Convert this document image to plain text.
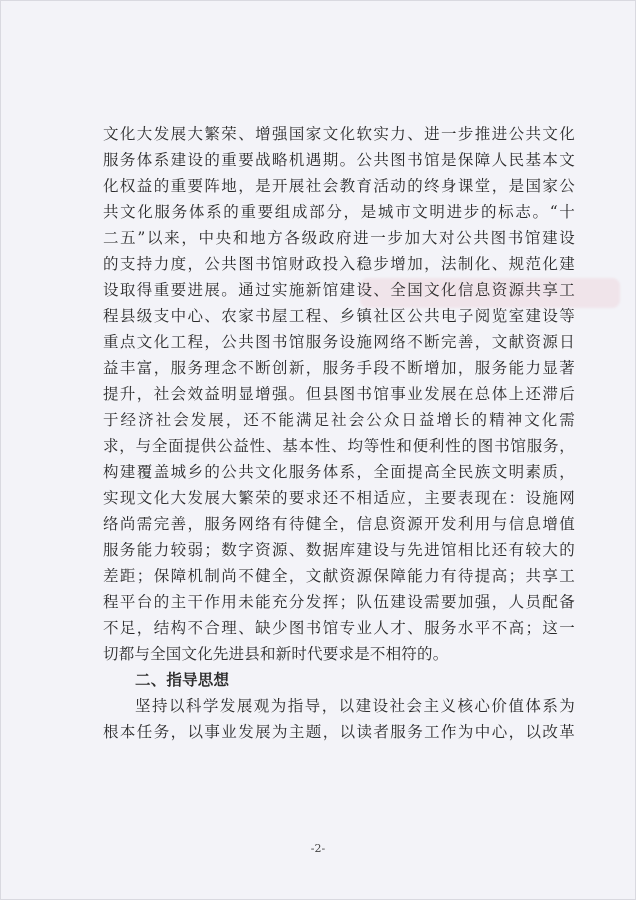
文化大发展大繁荣、增强国家文化软实力、进一步推进公共文化
服务体系建设的重要战略机遇期。公共图书馆是保障人民基本文
化权益的重要阵地，是开展社会教育活动的终身课堂，是国家公
共文化服务体系的重要组成部分，是城市文明进步的标志。“十
二五”以来，中央和地方各级政府进一步加大对公共图书馆建设
的支持力度，公共图书馆财政投入稳步增加，法制化、规范化建
设取得重要进展。通过实施新馆建设、全国文化信息资源共享工
程县级支中心、农家书屋工程、乡镇社区公共电子阅览室建设等
重点文化工程，公共图书馆服务设施网络不断完善，文献资源日
益丰富，服务理念不断创新，服务手段不断增加，服务能力显著
提升，社会效益明显增强。但县图书馆事业发展在总体上还滞后
于经济社会发展，还不能满足社会公众日益增长的精神文化需
求，与全面提供公益性、基本性、均等性和便利性的图书馆服务，
构建覆盖城乡的公共文化服务体系，全面提高全民族文明素质，
实现文化大发展大繁荣的要求还不相适应，主要表现在：设施网
络尚需完善，服务网络有待健全，信息资源开发利用与信息增值
服务能力较弱；数字资源、数据库建设与先进馆相比还有较大的
差距；保障机制尚不健全，文献资源保障能力有待提高；共享工
程平台的主干作用未能充分发挥；队伍建设需要加强，人员配备
不足，结构不合理、缺少图书馆专业人才、服务水平不高；这一
切都与全国文化先进县和新时代要求是不相符的。
二、指导思想
坚持以科学发展观为指导，以建设社会主义核心价值体系为
根本任务，以事业发展为主题，以读者服务工作为中心，以改革
-2-
